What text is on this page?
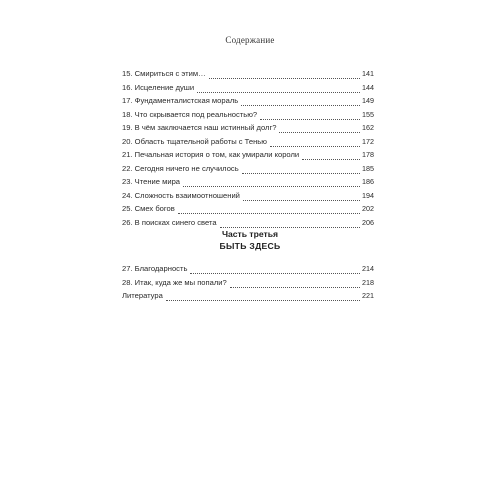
Содержание
15. Смириться с этим…	141
16. Исцеление души	144
17. Фундаменталистская мораль	149
18. Что скрывается под реальностью?	155
19. В чём заключается наш истинный долг?	162
20. Область тщательной работы с Тенью	172
21. Печальная история о том, как умирали короли	178
22. Сегодня ничего не случилось	185
23. Чтение мира	186
24. Сложность взаимоотношений	194
25. Смех богов	202
26. В поисках синего света	206
Часть третья
БЫТЬ ЗДЕСЬ
27. Благодарность	214
28. Итак, куда же мы попали?	218
Литература	221
